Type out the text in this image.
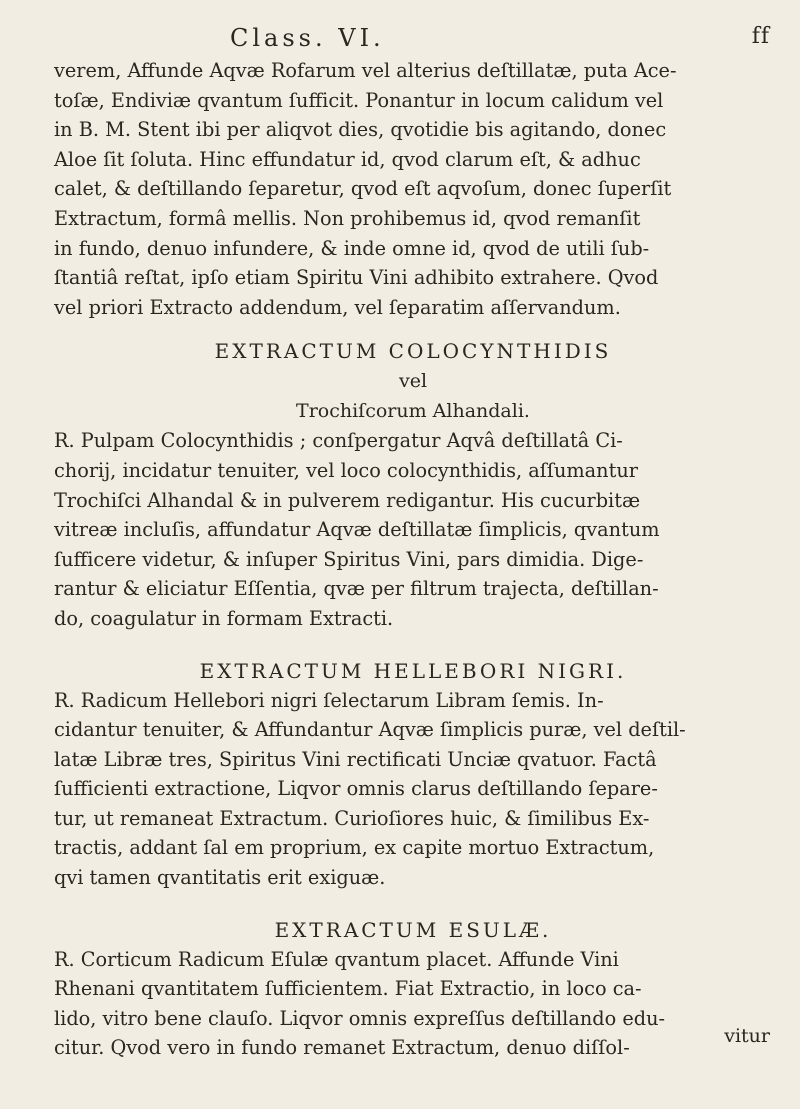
Class. VI.	ff

verem, Affunde Aqvæ Rofarum vel alterius deſtillatæ, puta Ace-

toſæ, Endiviæ qvantum ſufficit. Ponantur in locum calidum vel

in B. M. Stent ibi per aliqvot dies, qvotidie bis agitando, donec

Aloe ſit ſoluta. Hinc effundatur id, qvod clarum eſt, & adhuc

calet, & deſtillando ſeparetur, qvod eſt aqvoſum, donec ſuperſit

Extractum, formâ mellis. Non prohibemus id, qvod remanſit

in fundo, denuo infundere, & inde omne id, qvod de utili ſub-

ſtantiâ reſtat, ipſo etiam Spiritu Vini adhibito extrahere. Qvod

vel priori Extracto addendum, vel ſeparatim aſſervandum.

EXTRACTUM COLOCYNTHIDIS
vel
Trochiſcorum Alhandali.

R. Pulpam Colocynthidis ; conſpergatur Aqvâ deſtillatâ Ci-

chorij, incidatur tenuiter, vel loco colocynthidis, aſſumantur

Trochiſci Alhandal & in pulverem redigantur. His cucurbitæ

vitreæ incluſis, affundatur Aqvæ deſtillatæ ſimplicis, qvantum

ſufficere videtur, & inſuper Spiritus Vini, pars dimidia. Dige-

rantur & eliciatur Eſſentia, qvæ per filtrum trajecta, deſtillan-

do, coagulatur in formam Extracti.

EXTRACTUM HELLEBORI NIGRI.

R. Radicum Hellebori nigri ſelectarum Libram ſemis. In-

cidantur tenuiter, & Affundantur Aqvæ ſimplicis puræ, vel deſtil-

latæ Libræ tres, Spiritus Vini rectificati Unciæ qvatuor. Factâ

ſufficienti extractione, Liqvor omnis clarus deſtillando ſepare-

tur, ut remaneat Extractum. Curioſiores huic, & ſimilibus Ex-

tractis, addant ſal em proprium, ex capite mortuo Extractum,

qvi tamen qvantitatis erit exiguæ.

EXTRACTUM ESULÆ.

R. Corticum Radicum Eſulæ qvantum placet. Affunde Vini

Rhenani qvantitatem ſufficientem. Fiat Extractio, in loco ca-

lido, vitro bene clauſo. Liqvor omnis expreſſus deſtillando edu-

citur. Qvod vero in fundo remanet Extractum, denuo diſſol-

vitur
